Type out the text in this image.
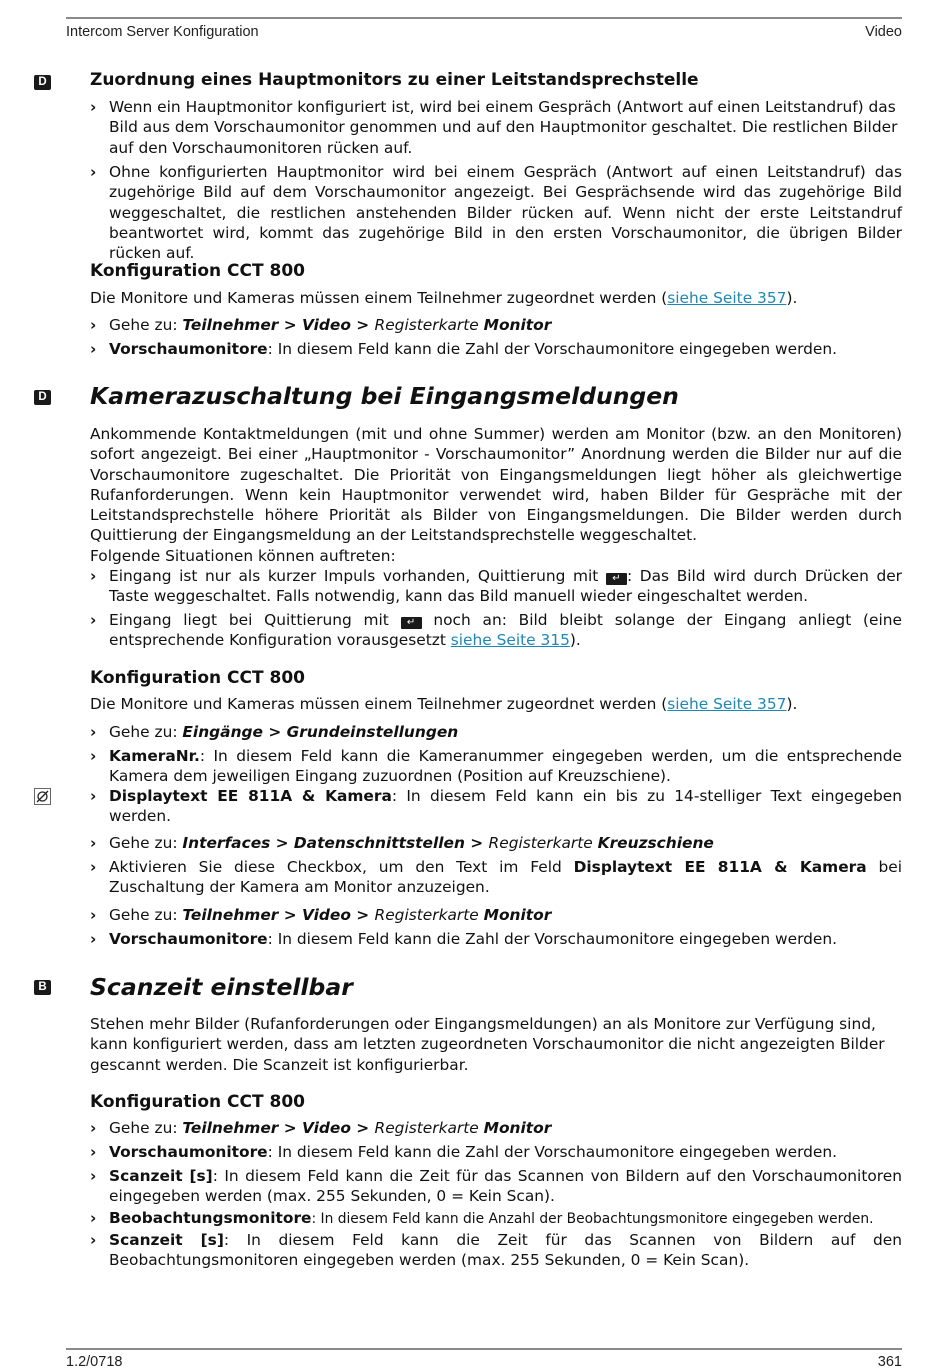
Intercom Server Konfiguration	Video
D	Zuordnung eines Hauptmonitors zu einer Leitstandsprechstelle
› Wenn ein Hauptmonitor konfiguriert ist, wird bei einem Gespräch (Antwort auf einen Leitstandruf) das Bild aus dem Vorschaumonitor genommen und auf den Hauptmonitor geschaltet. Die restlichen Bilder auf den Vorschaumonitoren rücken auf.
› Ohne konfigurierten Hauptmonitor wird bei einem Gespräch (Antwort auf einen Leitstandruf) das zugehörige Bild auf dem Vorschaumonitor angezeigt. Bei Gesprächsende wird das zugehörige Bild weggeschaltet, die restlichen anstehenden Bilder rücken auf. Wenn nicht der erste Leitstandruf beantwortet wird, kommt das zugehörige Bild in den ersten Vorschaumonitor, die übrigen Bilder rücken auf.
Konfiguration CCT 800
Die Monitore und Kameras müssen einem Teilnehmer zugeordnet werden (siehe Seite 357).
› Gehe zu: Teilnehmer > Video > Registerkarte Monitor
› Vorschaumonitore: In diesem Feld kann die Zahl der Vorschaumonitore eingegeben werden.
D Kamerazuschaltung bei Eingangsmeldungen
Ankommende Kontaktmeldungen (mit und ohne Summer) werden am Monitor (bzw. an den Monitoren) sofort angezeigt. Bei einer „Hauptmonitor - Vorschaumonitor” Anordnung werden die Bilder nur auf die Vorschaumonitore zugeschaltet. Die Priorität von Eingangsmeldungen liegt höher als gleichwertige Rufanforderungen. Wenn kein Hauptmonitor verwendet wird, haben Bilder für Gespräche mit der Leitstandsprechstelle höhere Priorität als Bilder von Eingangsmeldungen. Die Bilder werden durch Quittierung der Eingangsmeldung an der Leitstandsprechstelle weggeschaltet.
Folgende Situationen können auftreten:
› Eingang ist nur als kurzer Impuls vorhanden, Quittierung mit ↵ : Das Bild wird durch Drücken der Taste weggeschaltet. Falls notwendig, kann das Bild manuell wieder eingeschaltet werden.
› Eingang liegt bei Quittierung mit ↵ noch an: Bild bleibt solange der Eingang anliegt (eine entsprechende Konfiguration vorausgesetzt siehe Seite 315).
Konfiguration CCT 800
Die Monitore und Kameras müssen einem Teilnehmer zugeordnet werden (siehe Seite 357).
› Gehe zu: Eingänge > Grundeinstellungen
› KameraNr.: In diesem Feld kann die Kameranummer eingegeben werden, um die entsprechende Kamera dem jeweiligen Eingang zuzuordnen (Position auf Kreuzschiene).
› Displaytext EE 811A & Kamera: In diesem Feld kann ein bis zu 14-stelliger Text eingegeben werden.
› Gehe zu: Interfaces > Datenschnittstellen > Registerkarte Kreuzschiene
› Aktivieren Sie diese Checkbox, um den Text im Feld Displaytext EE 811A & Kamera bei Zuschaltung der Kamera am Monitor anzuzeigen.
› Gehe zu: Teilnehmer > Video > Registerkarte Monitor
› Vorschaumonitore: In diesem Feld kann die Zahl der Vorschaumonitore eingegeben werden.
B Scanzeit einstellbar
Stehen mehr Bilder (Rufanforderungen oder Eingangsmeldungen) an als Monitore zur Verfügung sind, kann konfiguriert werden, dass am letzten zugeordneten Vorschaumonitor die nicht angezeigten Bilder gescannt werden. Die Scanzeit ist konfigurierbar.
Konfiguration CCT 800
› Gehe zu: Teilnehmer > Video > Registerkarte Monitor
› Vorschaumonitore: In diesem Feld kann die Zahl der Vorschaumonitore eingegeben werden.
› Scanzeit [s]: In diesem Feld kann die Zeit für das Scannen von Bildern auf den Vorschaumonitoren eingegeben werden (max. 255 Sekunden, 0 = Kein Scan).
› Beobachtungsmonitore: In diesem Feld kann die Anzahl der Beobachtungsmonitore eingegeben werden.
› Scanzeit [s]: In diesem Feld kann die Zeit für das Scannen von Bildern auf den Beobachtungsmonitoren eingegeben werden (max. 255 Sekunden, 0 = Kein Scan).
1.2/0718	361
